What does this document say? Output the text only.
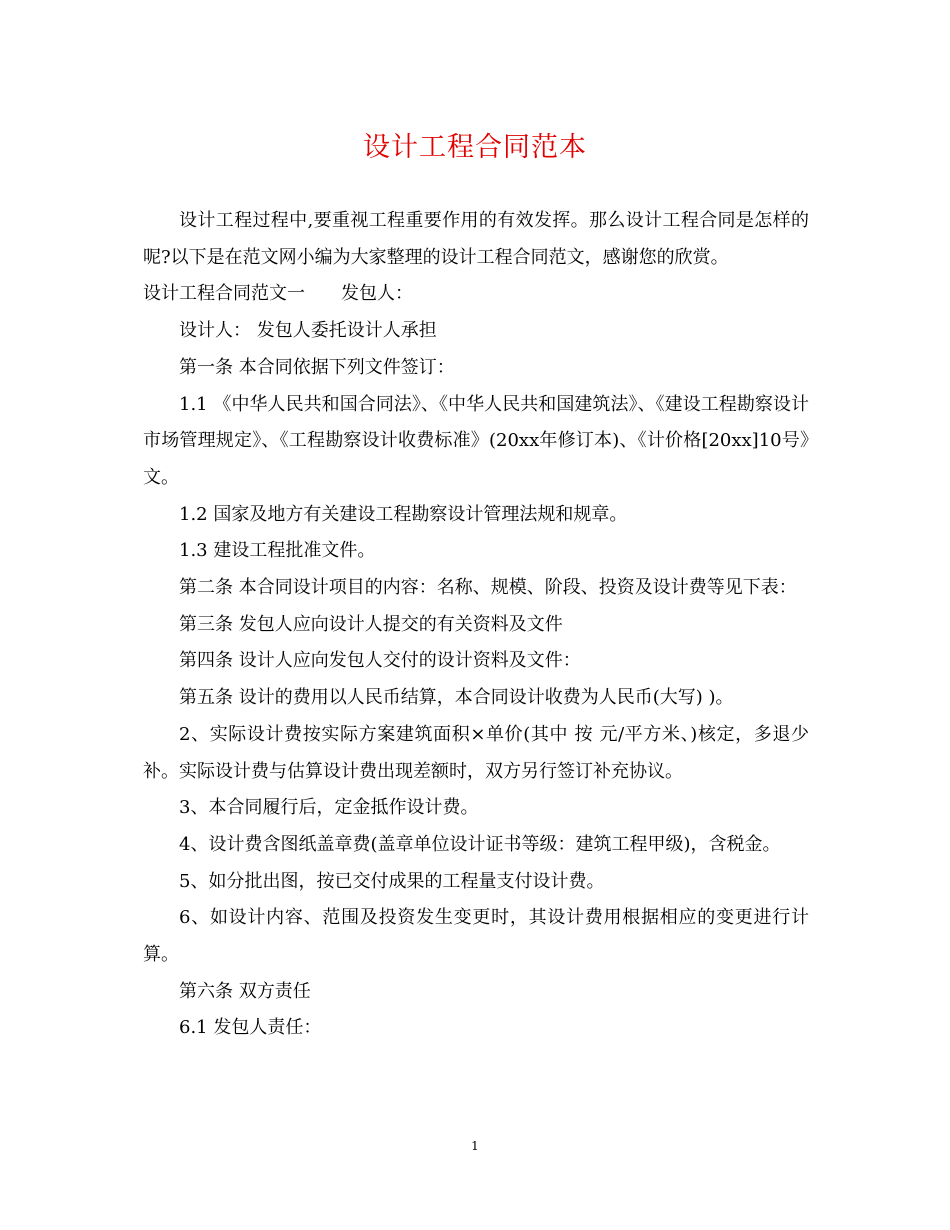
设计工程合同范本

设计工程过程中,要重视工程重要作用的有效发挥。那么设计工程合同是怎样的呢?以下是在范文网小编为大家整理的设计工程合同范文，感谢您的欣赏。

设计工程合同范文一 发包人：

设计人： 发包人委托设计人承担

第一条 本合同依据下列文件签订：

1.1 《中华人民共和国合同法》、《中华人民共和国建筑法》、《建设工程勘察设计市场管理规定》、《工程勘察设计收费标准》(20xx年修订本)、《计价格[20xx]10号》文。

1.2 国家及地方有关建设工程勘察设计管理法规和规章。

1.3 建设工程批准文件。

第二条 本合同设计项目的内容：名称、规模、阶段、投资及设计费等见下表：

第三条 发包人应向设计人提交的有关资料及文件

第四条 设计人应向发包人交付的设计资料及文件：

第五条 设计的费用以人民币结算，本合同设计收费为人民币(大写) )。

2、实际设计费按实际方案建筑面积×单价(其中 按 元/平方米、)核定，多退少补。实际设计费与估算设计费出现差额时，双方另行签订补充协议。

3、本合同履行后，定金抵作设计费。

4、设计费含图纸盖章费(盖章单位设计证书等级：建筑工程甲级)，含税金。

5、如分批出图，按已交付成果的工程量支付设计费。

6、如设计内容、范围及投资发生变更时，其设计费用根据相应的变更进行计算。

第六条 双方责任

6.1 发包人责任：

1
